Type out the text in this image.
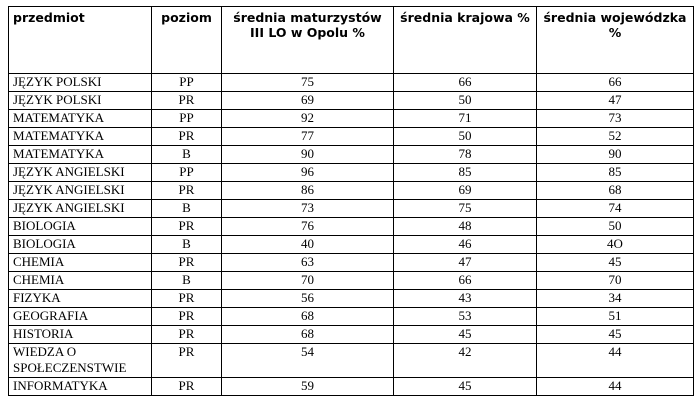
przedmiot	poziom	średnia maturzystów III LO w Opolu %	średnia krajowa %	średnia wojewódzka %
JĘZYK POLSKI	PP	75	66	66
JĘZYK POLSKI	PR	69	50	47
MATEMATYKA	PP	92	71	73
MATEMATYKA	PR	77	50	52
MATEMATYKA	B	90	78	90
JĘZYK ANGIELSKI	PP	96	85	85
JĘZYK ANGIELSKI	PR	86	69	68
JĘZYK ANGIELSKI	B	73	75	74
BIOLOGIA	PR	76	48	50
BIOLOGIA	B	40	46	4O
CHEMIA	PR	63	47	45
CHEMIA	B	70	66	70
FIZYKA	PR	56	43	34
GEOGRAFIA	PR	68	53	51
HISTORIA	PR	68	45	45
WIEDZA O SPOŁECZENSTWIE	PR	54	42	44
INFORMATYKA	PR	59	45	44
